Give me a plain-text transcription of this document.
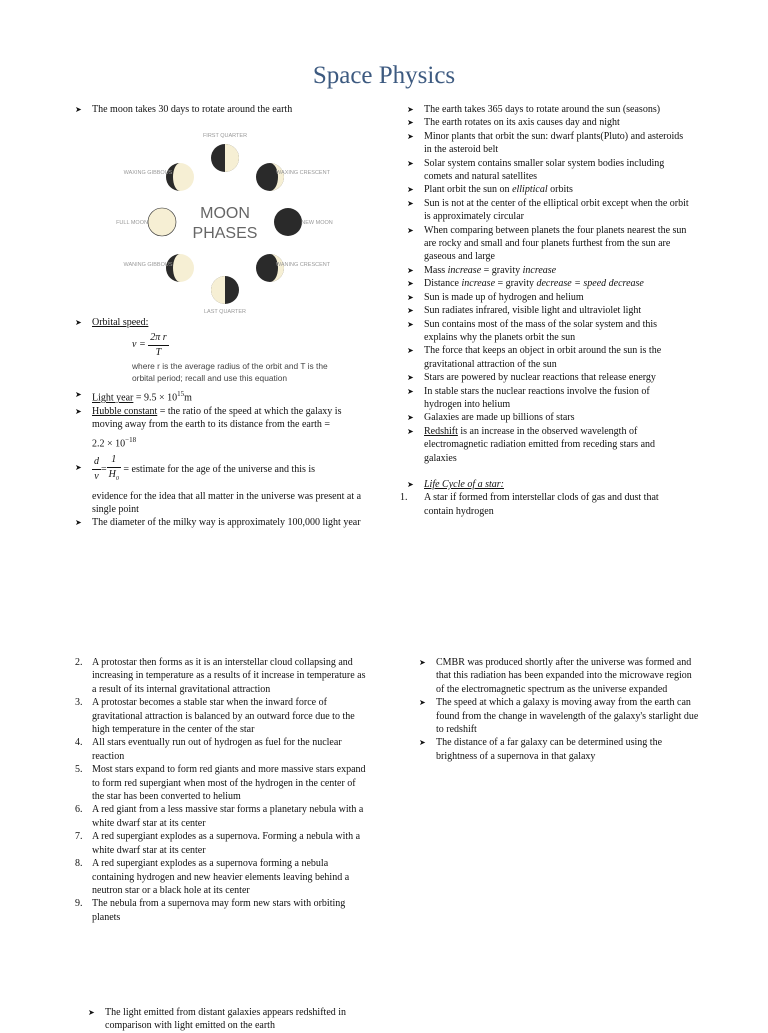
Space Physics
➤	The moon takes 30 days to rotate around the earth
FIRST QUARTER
WAXING GIBBOUS	WAXING CRESCENT
FULL MOON	NEW MOON
MOON
PHASES
WANING GIBBOUS	WANING CRESCENT
LAST QUARTER
➤	Orbital speed:
$v = \frac{\text{2π r}}{T}$
where r is the average radius of the orbit and T is the orbital period; recall and use this equation
➤	Light year = $9.5 \times 10^{15}m$
➤	Hubble constant = the ratio of the speed at which the galaxy is moving away from the earth to its distance from the earth =
$2.2 \times 10^{-18}$
➤	$\frac{d}{v} = \frac{1}{H_0}$ = estimate for the age of the universe and this is
evidence for the idea that all matter in the universe was present at a single point
➤	The diameter of the milky way is approximately 100,000 light year
➤	The earth takes 365 days to rotate around the sun (seasons)
➤	The earth rotates on its axis causes day and night
➤	Minor plants that orbit the sun: dwarf plants(Pluto) and asteroids in the asteroid belt
➤	Solar system contains smaller solar system bodies including comets and natural satellites
➤	Plant orbit the sun on elliptical orbits
➤	Sun is not at the center of the elliptical orbit except when the orbit is approximately circular
➤	When comparing between planets the four planets nearest the sun are rocky and small and four planets furthest from the sun are gaseous and large
➤	Mass increase = gravity increase
➤	Distance increase = gravity decrease = speed decrease
➤	Sun is made up of hydrogen and helium
➤	Sun radiates infrared, visible light and ultraviolet light
➤	Sun contains most of the mass of the solar system and this explains why the planets orbit the sun
➤	The force that keeps an object in orbit around the sun is the gravitational attraction of the sun
➤	Stars are powered by nuclear reactions that release energy
➤	In stable stars the nuclear reactions involve the fusion of hydrogen into helium
➤	Galaxies are made up billions of stars
➤	Redshift is an increase in the observed wavelength of electromagnetic radiation emitted from receding stars and galaxies
➤	Life Cycle of a star:
1.	A star if formed from interstellar clods of gas and dust that contain hydrogen
2. A protostar then forms as it is an interstellar cloud collapsing and increasing in temperature as a results of it increase in temperature as a result of its internal gravitational attraction
3. A protostar becomes a stable star when the inward force of gravitational attraction is balanced by an outward force due to the high temperature in the center of the star
4. All stars eventually run out of hydrogen as fuel for the nuclear reaction
5. Most stars expand to form red giants and more massive stars expand to form red supergiant when most of the hydrogen in the center of the star has been converted to helium
6. A red giant from a less massive star forms a planetary nebula with a white dwarf star at its center
7. A red supergiant explodes as a supernova. Forming a nebula with a white dwarf star at its center
8. A red supergiant explodes as a supernova forming a nebula containing hydrogen and new heavier elements leaving behind a neutron star or a black hole at its center
9. The nebula from a supernova may form new stars with orbiting planets
➤	CMBR was produced shortly after the universe was formed and that this radiation has been expanded into the microwave region of the electromagnetic spectrum as the universe expanded
➤	The speed at which a galaxy is moving away from the earth can found from the change in wavelength of the galaxy's starlight due to redshift
➤	The distance of a far galaxy can be determined using the brightness of a supernova in that galaxy
➤	The light emitted from distant galaxies appears redshifted in
comparison with light emitted on the earth
